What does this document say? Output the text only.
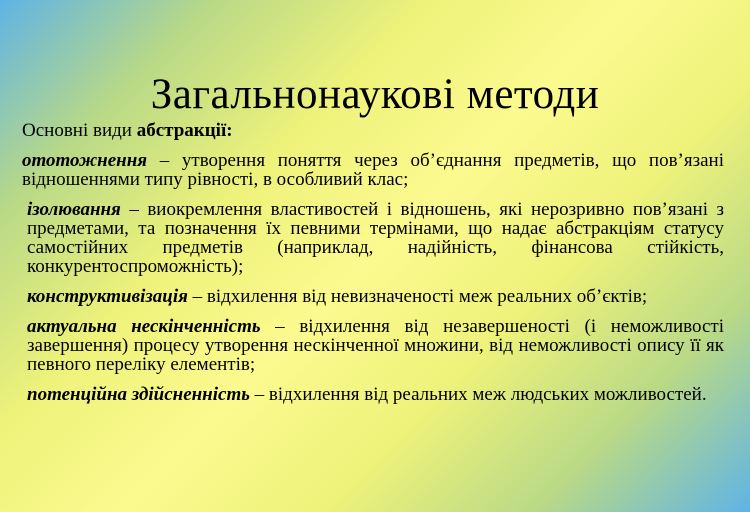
Загальнонаукові методи

Основні види абстракції:

ототожнення – утворення поняття через об’єднання предметів, що пов’язані відношеннями типу рівності, в особливий клас;

ізолювання – виокремлення властивостей і відношень, які нерозривно пов’язані з предметами, та позначення їх певними термінами, що надає абстракціям статусу самостійних предметів (наприклад, надійність, фінансова стійкість, конкурентоспроможність);

конструктивізація – відхилення від невизначеності меж реальних об’єктів;

актуальна нескінченність – відхилення від незавершеності (і неможливості завершення) процесу утворення нескінченної множини, від неможливості опису її як певного переліку елементів;

потенційна здійсненність – відхилення від реальних меж людських можливостей.
